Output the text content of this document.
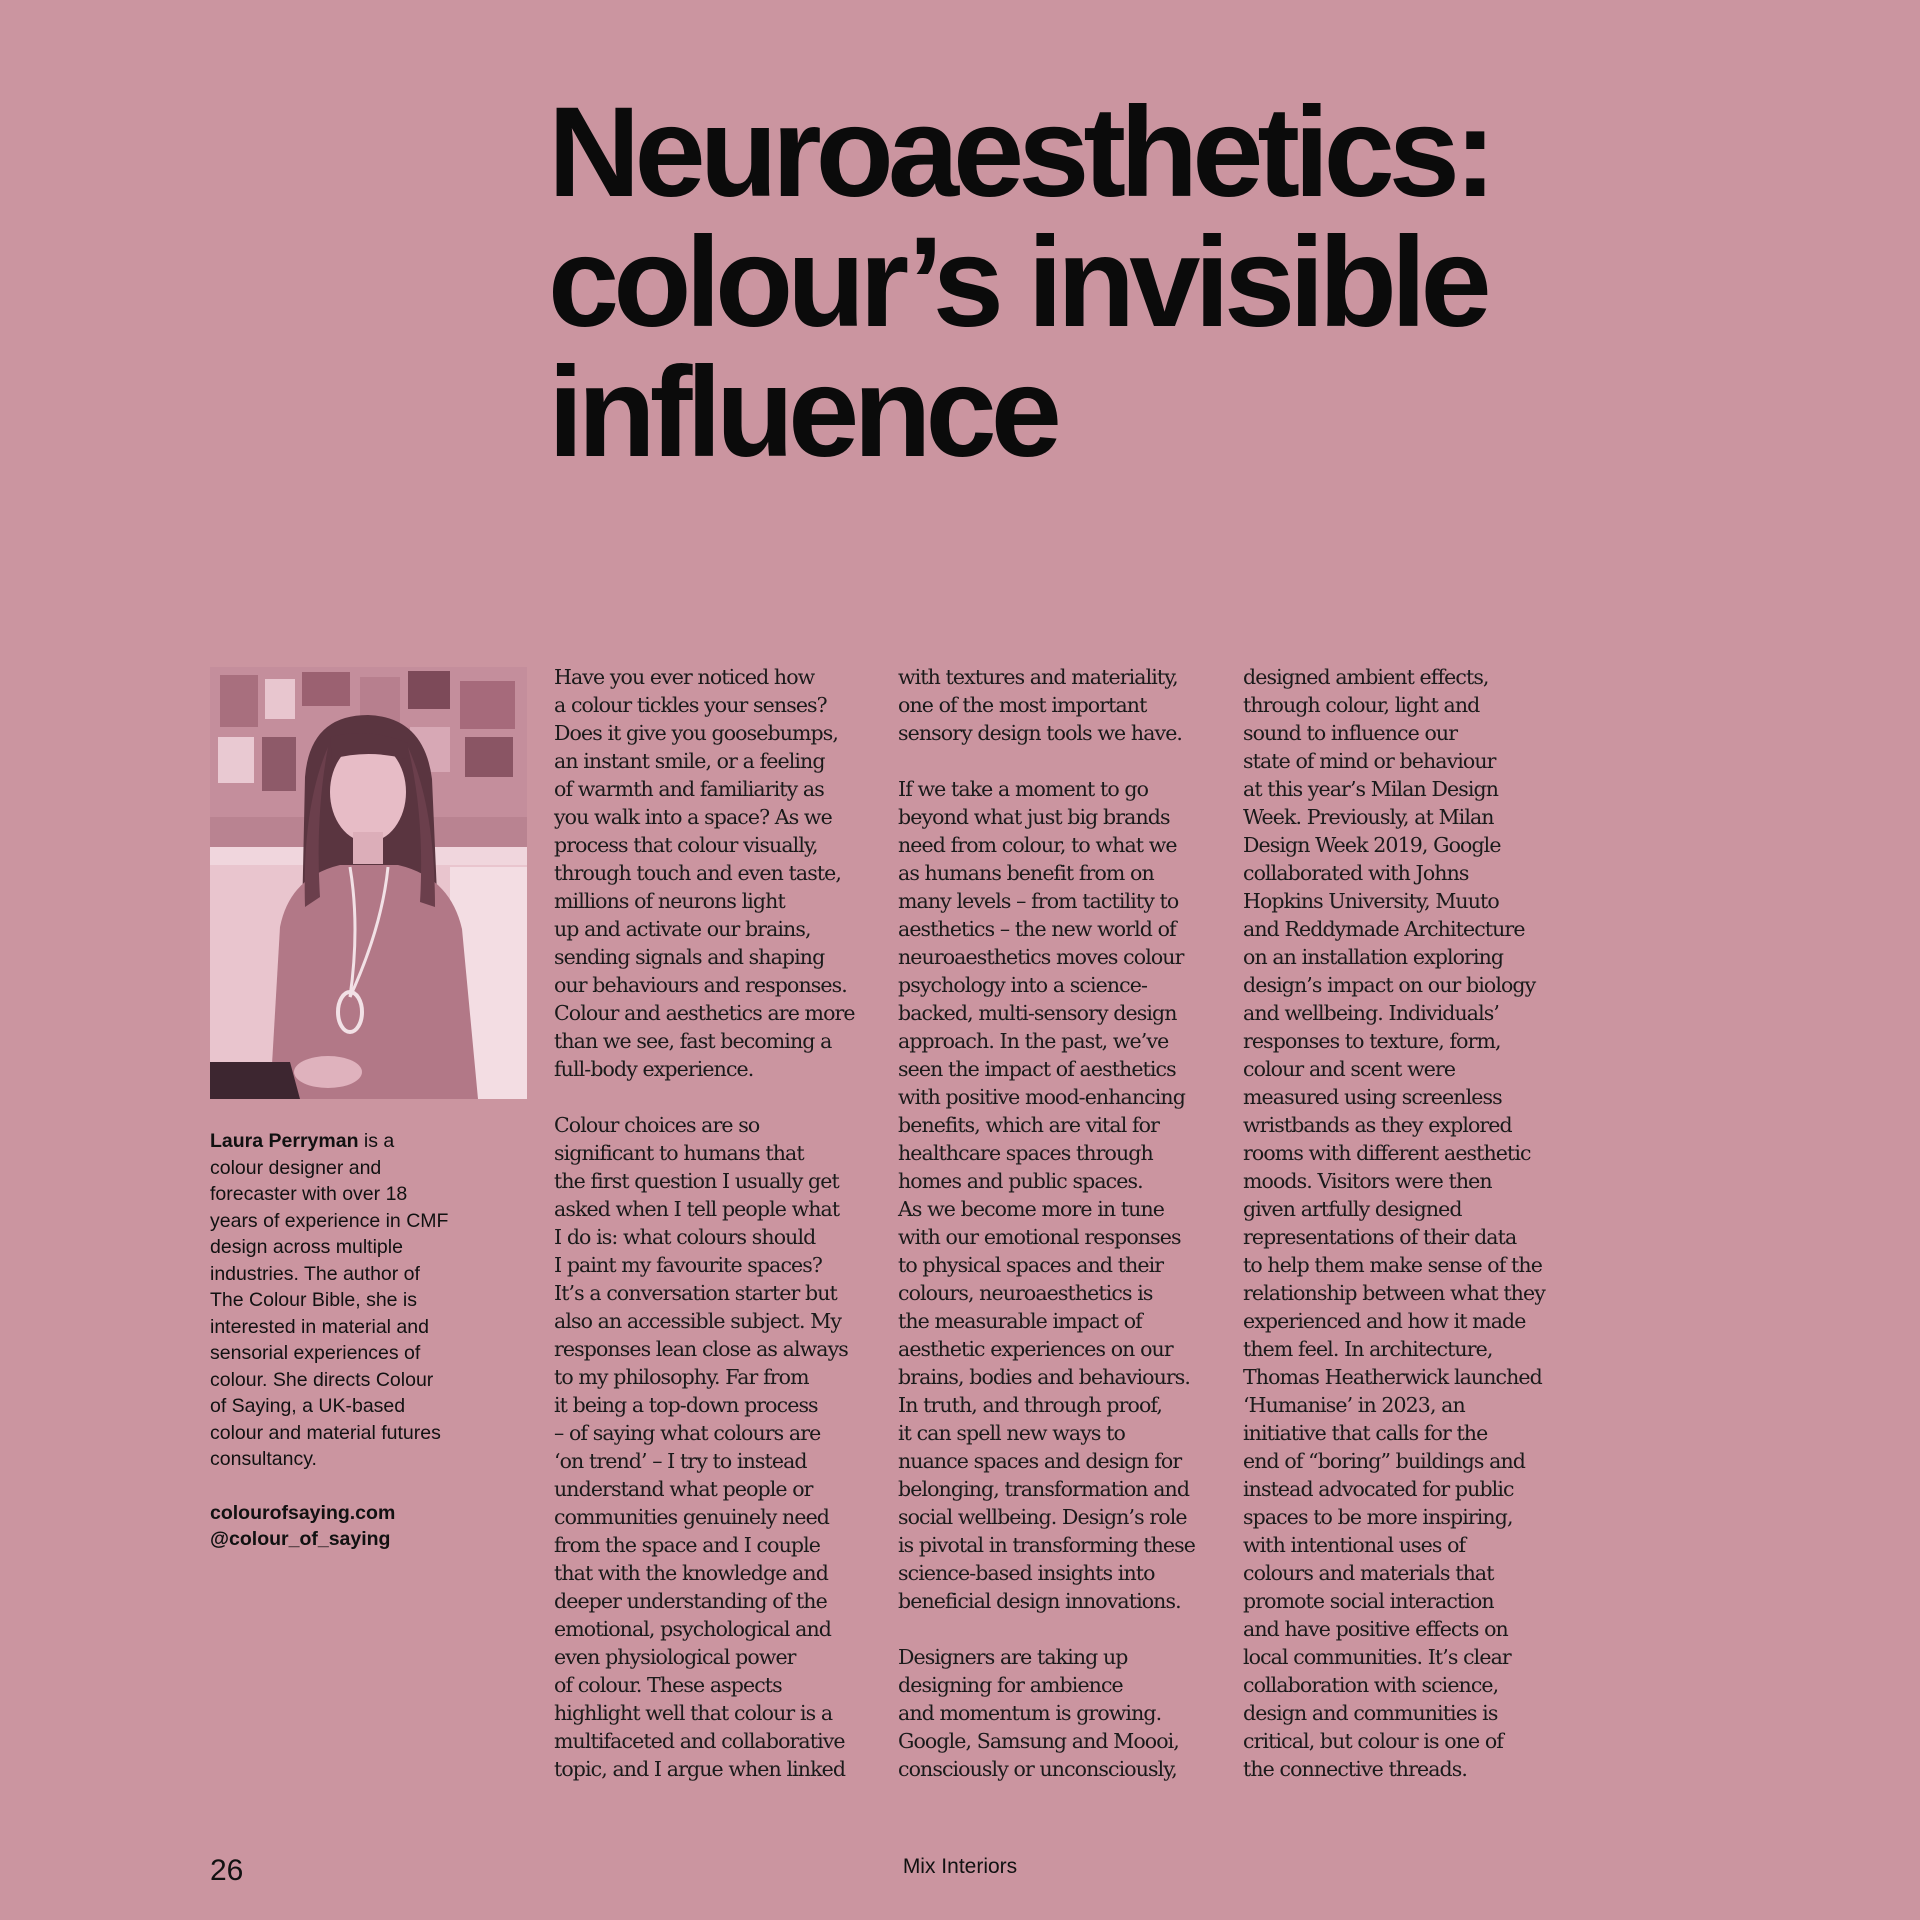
Neuroaesthetics:
colour’s invisible
influence

Laura Perryman is a colour designer and forecaster with over 18 years of experience in CMF design across multiple industries. The author of The Colour Bible, she is interested in material and sensorial experiences of colour. She directs Colour of Saying, a UK-based colour and material futures consultancy.

colourofsaying.com
@colour_of_saying
Have you ever noticed how
a colour tickles your senses?
Does it give you goosebumps,
an instant smile, or a feeling
of warmth and familiarity as
you walk into a space? As we
process that colour visually,
through touch and even taste,
millions of neurons light
up and activate our brains,
sending signals and shaping
our behaviours and responses.
Colour and aesthetics are more
than we see, fast becoming a
full-body experience.
Colour choices are so
significant to humans that
the first question I usually get
asked when I tell people what
I do is: what colours should
I paint my favourite spaces?
It’s a conversation starter but
also an accessible subject. My
responses lean close as always
to my philosophy. Far from
it being a top-down process
– of saying what colours are
‘on trend’ – I try to instead
understand what people or
communities genuinely need
from the space and I couple
that with the knowledge and
deeper understanding of the
emotional, psychological and
even physiological power
of colour. These aspects
highlight well that colour is a
multifaceted and collaborative
topic, and I argue when linked
with textures and materiality,
one of the most important
sensory design tools we have.
If we take a moment to go
beyond what just big brands
need from colour, to what we
as humans benefit from on
many levels – from tactility to
aesthetics – the new world of
neuroaesthetics moves colour
psychology into a science-
backed, multi-sensory design
approach. In the past, we’ve
seen the impact of aesthetics
with positive mood-enhancing
benefits, which are vital for
healthcare spaces through
homes and public spaces.
As we become more in tune
with our emotional responses
to physical spaces and their
colours, neuroaesthetics is
the measurable impact of
aesthetic experiences on our
brains, bodies and behaviours.
In truth, and through proof,
it can spell new ways to
nuance spaces and design for
belonging, transformation and
social wellbeing. Design’s role
is pivotal in transforming these
science-based insights into
beneficial design innovations.
Designers are taking up
designing for ambience
and momentum is growing.
Google, Samsung and Moooi,
consciously or unconsciously,
designed ambient effects,
through colour, light and
sound to influence our
state of mind or behaviour
at this year’s Milan Design
Week. Previously, at Milan
Design Week 2019, Google
collaborated with Johns
Hopkins University, Muuto
and Reddymade Architecture
on an installation exploring
design’s impact on our biology
and wellbeing. Individuals’
responses to texture, form,
colour and scent were
measured using screenless
wristbands as they explored
rooms with different aesthetic
moods. Visitors were then
given artfully designed
representations of their data
to help them make sense of the
relationship between what they
experienced and how it made
them feel. In architecture,
Thomas Heatherwick launched
‘Humanise’ in 2023, an
initiative that calls for the
end of “boring” buildings and
instead advocated for public
spaces to be more inspiring,
with intentional uses of
colours and materials that
promote social interaction
and have positive effects on
local communities. It’s clear
collaboration with science,
design and communities is
critical, but colour is one of
the connective threads.
26	Mix Interiors
